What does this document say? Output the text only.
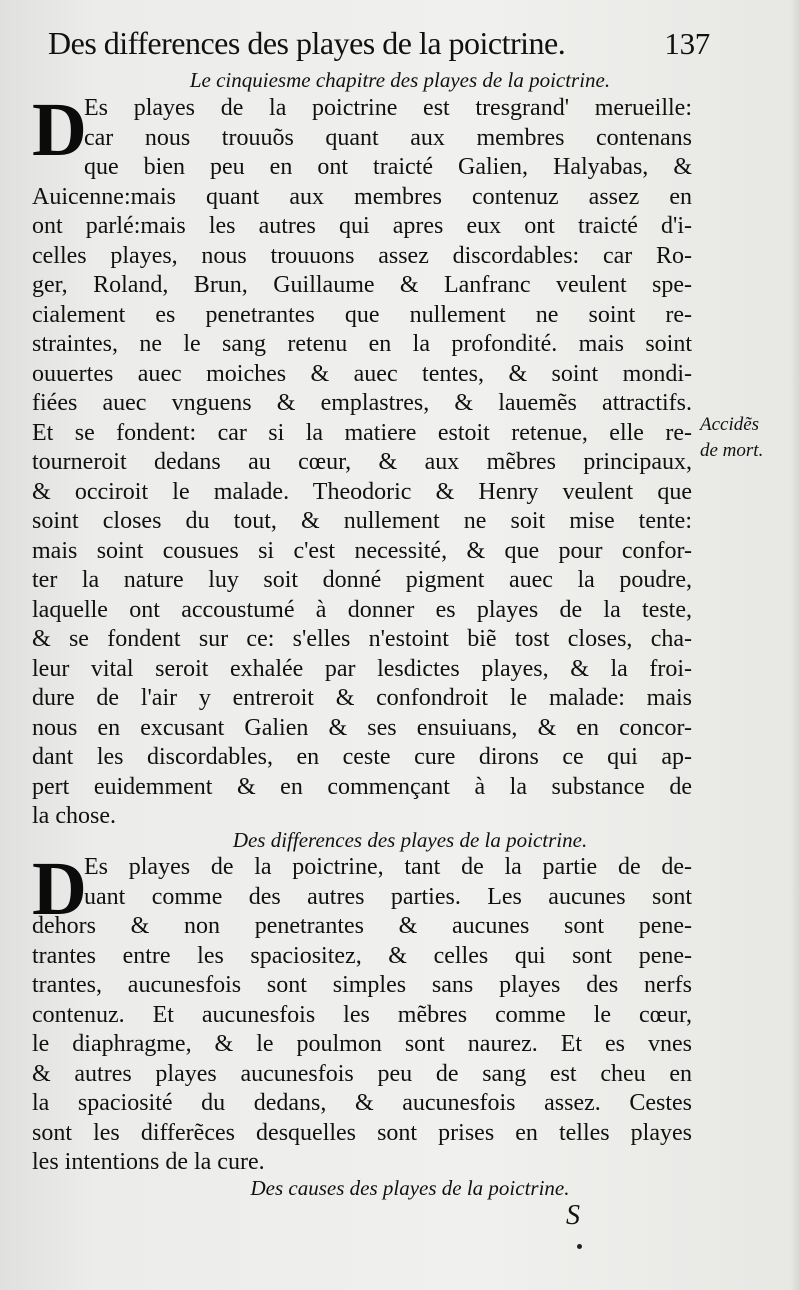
Des differences des playes de la poictrine.	137
Le cinquiesme chapitre des playes de la poictrine.
D
Es playes de la poictrine est tresgrand' merueille:
car nous trouuõs quant aux membres contenans
que bien peu en ont traicté Galien, Halyabas, &
Auicenne:mais quant aux membres contenuz assez en
ont parlé:mais les autres qui apres eux ont traicté d'i-
celles playes, nous trouuons assez discordables: car Ro-
ger, Roland, Brun, Guillaume & Lanfranc veulent spe-
cialement es penetrantes que nullement ne soint re-
straintes, ne le sang retenu en la profondité. mais soint
ouuertes auec moiches & auec tentes, & soint mondi-
fiées auec vnguens & emplastres, & lauemẽs attractifs.
Et se fondent: car si la matiere estoit retenue, elle re-
tourneroit dedans au cœur, & aux mẽbres principaux,
& occiroit le malade. Theodoric & Henry veulent que
soint closes du tout, & nullement ne soit mise tente:
mais soint cousues si c'est necessité, & que pour confor-
ter la nature luy soit donné pigment auec la poudre,
laquelle ont accoustumé à donner es playes de la teste,
& se fondent sur ce: s'elles n'estoint biẽ tost closes, cha-
leur vital seroit exhalée par lesdictes playes, & la froi-
dure de l'air y entreroit & confondroit le malade: mais
nous en excusant Galien & ses ensuiuans, & en concor-
dant les discordables, en ceste cure dirons ce qui ap-
pert euidemment & en commençant à la substance de
la chose.
Accidẽs
de mort.
Des differences des playes de la poictrine.
D
Es playes de la poictrine, tant de la partie de de-
uant comme des autres parties. Les aucunes sont
dehors & non penetrantes & aucunes sont pene-
trantes entre les spaciositez, & celles qui sont pene-
trantes, aucunesfois sont simples sans playes des nerfs
contenuz. Et aucunesfois les mẽbres comme le cœur,
le diaphragme, & le poulmon sont naurez. Et es vnes
& autres playes aucunesfois peu de sang est cheu en
la spaciosité du dedans, & aucunesfois assez. Cestes
sont les differẽces desquelles sont prises en telles playes
les intentions de la cure.
Des causes des playes de la poictrine.
S
